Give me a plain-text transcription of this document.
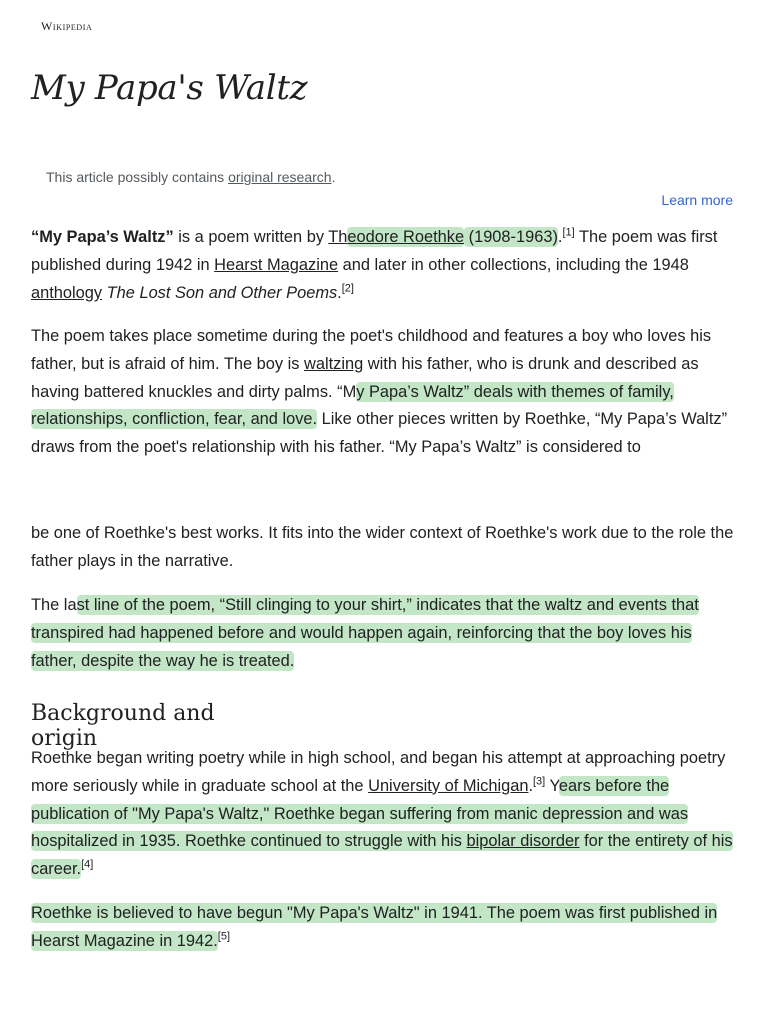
Wikipedia
My Papa's Waltz
This article possibly contains original research.
Learn more

“My Papa’s Waltz” is a poem written by Theodore Roethke (1908-1963).[1] The poem was first published during 1942 in Hearst Magazine and later in other collections, including the 1948 anthology The Lost Son and Other Poems.[2]

The poem takes place sometime during the poet's childhood and features a boy who loves his father, but is afraid of him. The boy is waltzing with his father, who is drunk and described as having battered knuckles and dirty palms. “My Papa’s Waltz” deals with themes of family, relationships, confliction, fear, and love. Like other pieces written by Roethke, “My Papa’s Waltz” draws from the poet's relationship with his father. “My Papa’s Waltz” is considered to

be one of Roethke's best works. It fits into the wider context of Roethke's work due to the role the father plays in the narrative.

The last line of the poem, “Still clinging to your shirt,” indicates that the waltz and events that transpired had happened before and would happen again, reinforcing that the boy loves his father, despite the way he is treated.

Background and origin

Roethke began writing poetry while in high school, and began his attempt at approaching poetry more seriously while in graduate school at the University of Michigan.[3] Years before the publication of "My Papa's Waltz," Roethke began suffering from manic depression and was hospitalized in 1935. Roethke continued to struggle with his bipolar disorder for the entirety of his career.[4]

Roethke is believed to have begun "My Papa's Waltz" in 1941. The poem was first published in Hearst Magazine in 1942.[5]
